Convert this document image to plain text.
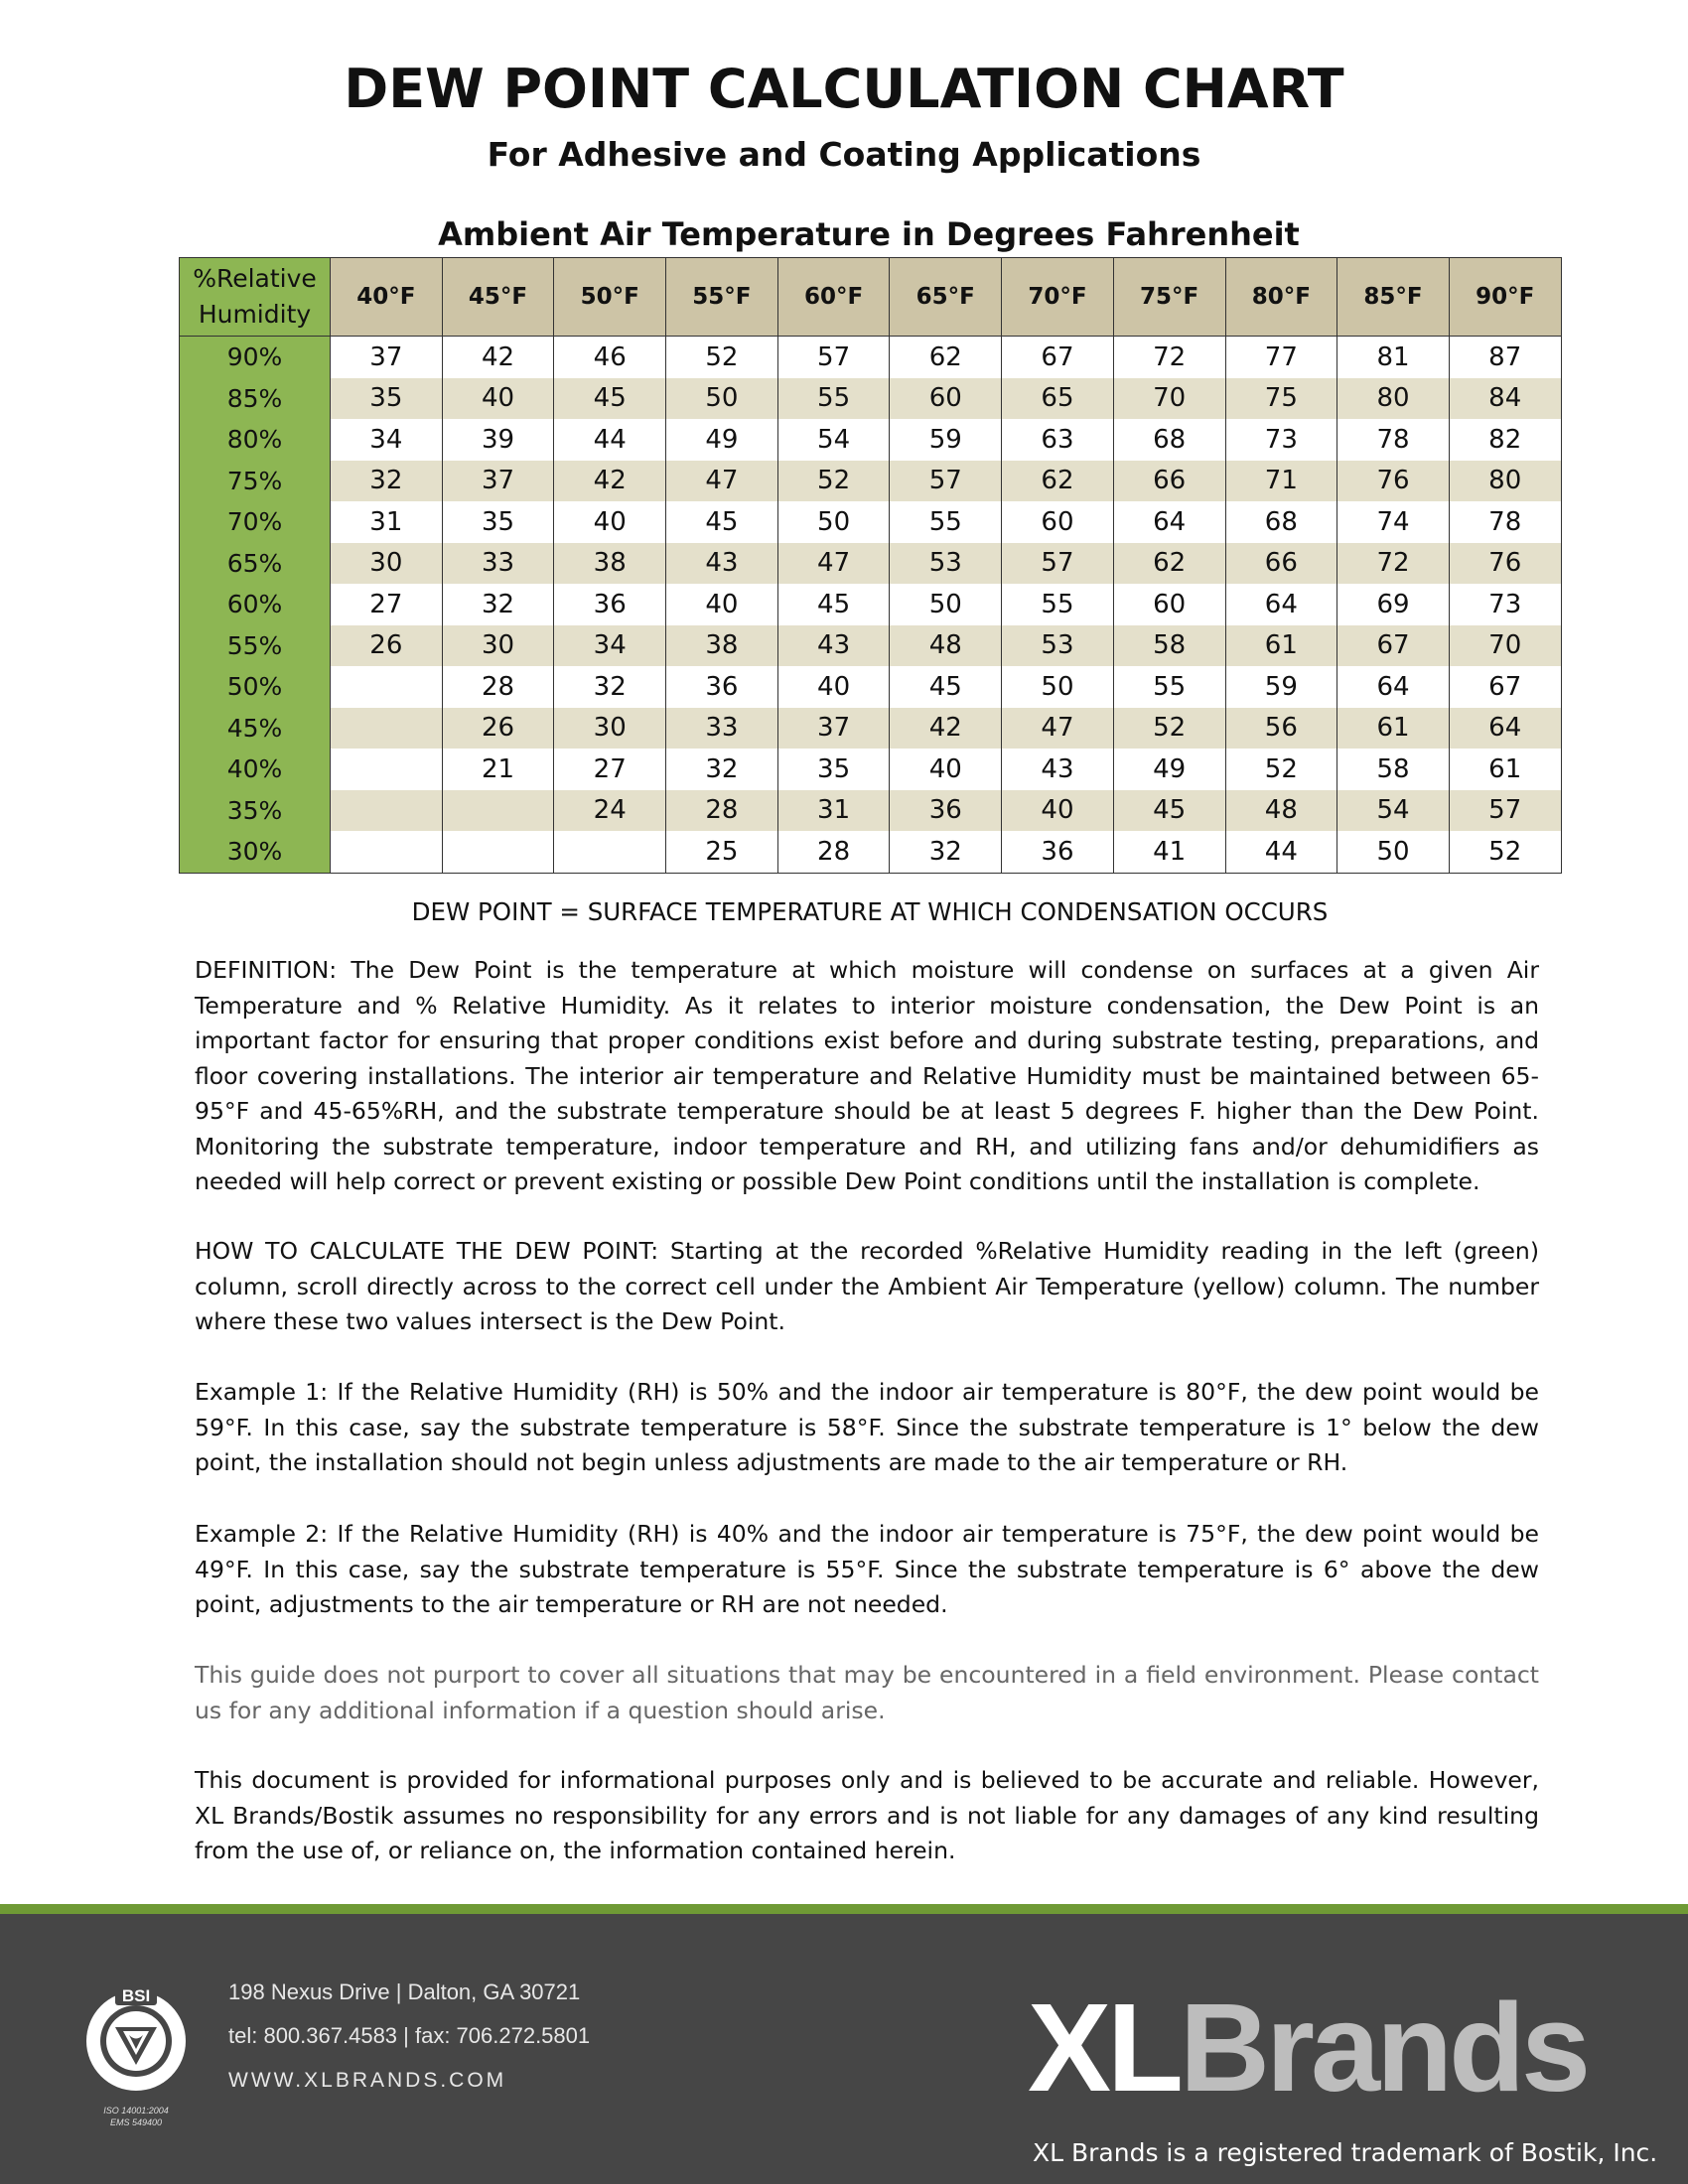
DEW POINT CALCULATION CHART
For Adhesive and Coating Applications
Ambient Air Temperature in Degrees Fahrenheit
%Relative Humidity	40°F	45°F	50°F	55°F	60°F	65°F	70°F	75°F	80°F	85°F	90°F
90%	37	42	46	52	57	62	67	72	77	81	87
85%	35	40	45	50	55	60	65	70	75	80	84
80%	34	39	44	49	54	59	63	68	73	78	82
75%	32	37	42	47	52	57	62	66	71	76	80
70%	31	35	40	45	50	55	60	64	68	74	78
65%	30	33	38	43	47	53	57	62	66	72	76
60%	27	32	36	40	45	50	55	60	64	69	73
55%	26	30	34	38	43	48	53	58	61	67	70
50%		28	32	36	40	45	50	55	59	64	67
45%		26	30	33	37	42	47	52	56	61	64
40%		21	27	32	35	40	43	49	52	58	61
35%			24	28	31	36	40	45	48	54	57
30%				25	28	32	36	41	44	50	52
DEW POINT = SURFACE TEMPERATURE AT WHICH CONDENSATION OCCURS

DEFINITION: The Dew Point is the temperature at which moisture will condense on surfaces at a given Air Temperature and % Relative Humidity. As it relates to interior moisture condensation, the Dew Point is an important factor for ensuring that proper conditions exist before and during substrate testing, preparations, and floor covering installations. The interior air temperature and Relative Humidity must be maintained between 65-95°F and 45-65%RH, and the substrate temperature should be at least 5 degrees F. higher than the Dew Point. Monitoring the substrate temperature, indoor temperature and RH, and utilizing fans and/or dehumidifiers as needed will help correct or prevent existing or possible Dew Point conditions until the installation is complete.

HOW TO CALCULATE THE DEW POINT: Starting at the recorded %Relative Humidity reading in the left (green) column, scroll directly across to the correct cell under the Ambient Air Temperature (yellow) column. The number where these two values intersect is the Dew Point.

Example 1: If the Relative Humidity (RH) is 50% and the indoor air temperature is 80°F, the dew point would be 59°F. In this case, say the substrate temperature is 58°F. Since the substrate temperature is 1° below the dew point, the installation should not begin unless adjustments are made to the air temperature or RH.

Example 2: If the Relative Humidity (RH) is 40% and the indoor air temperature is 75°F, the dew point would be 49°F. In this case, say the substrate temperature is 55°F. Since the substrate temperature is 6° above the dew point, adjustments to the air temperature or RH are not needed.

This guide does not purport to cover all situations that may be encountered in a field environment. Please contact us for any additional information if a question should arise.

This document is provided for informational purposes only and is believed to be accurate and reliable. However, XL Brands/Bostik assumes no responsibility for any errors and is not liable for any damages of any kind resulting from the use of, or reliance on, the information contained herein.

BSI
ISO 14001:2004
EMS 549400
198 Nexus Drive | Dalton, GA 30721
tel: 800.367.4583 | fax: 706.272.5801
WWW.XLBRANDS.COM	XLBrands
XL Brands is a registered trademark of Bostik, Inc.
